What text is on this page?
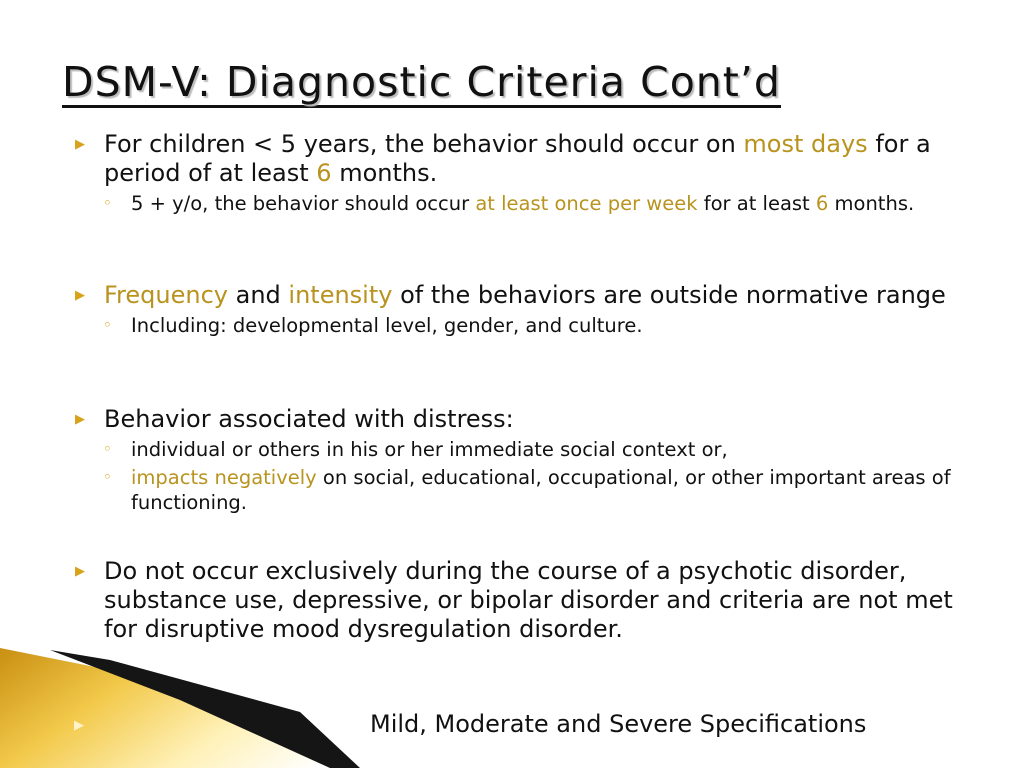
DSM-V: Diagnostic Criteria Cont’d
▶ For children < 5 years, the behavior should occur on most days for a period of at least 6 months.
◦ 5 + y/o, the behavior should occur at least once per week for at least 6 months.
▶ Frequency and intensity of the behaviors are outside normative range
◦ Including: developmental level, gender, and culture.
▶ Behavior associated with distress:
◦ individual or others in his or her immediate social context or,
◦ impacts negatively on social, educational, occupational, or other important areas of functioning.
▶ Do not occur exclusively during the course of a psychotic disorder, substance use, depressive, or bipolar disorder and criteria are not met for disruptive mood dysregulation disorder.
▶	Mild, Moderate and Severe Specifications
